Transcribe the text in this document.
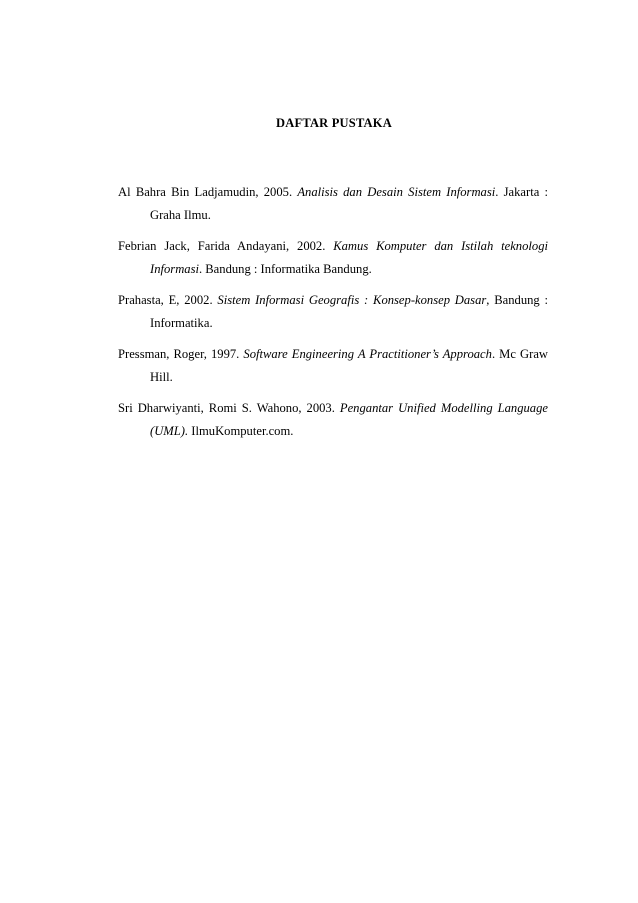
DAFTAR PUSTAKA
Al Bahra Bin Ladjamudin, 2005. Analisis dan Desain Sistem Informasi. Jakarta : Graha Ilmu.
Febrian Jack, Farida Andayani, 2002. Kamus Komputer dan Istilah teknologi Informasi. Bandung : Informatika Bandung.
Prahasta, E, 2002. Sistem Informasi Geografis : Konsep-konsep Dasar, Bandung : Informatika.
Pressman, Roger, 1997. Software Engineering A Practitioner’s Approach. Mc Graw Hill.
Sri Dharwiyanti, Romi S. Wahono, 2003. Pengantar Unified Modelling Language (UML). IlmuKomputer.com.
